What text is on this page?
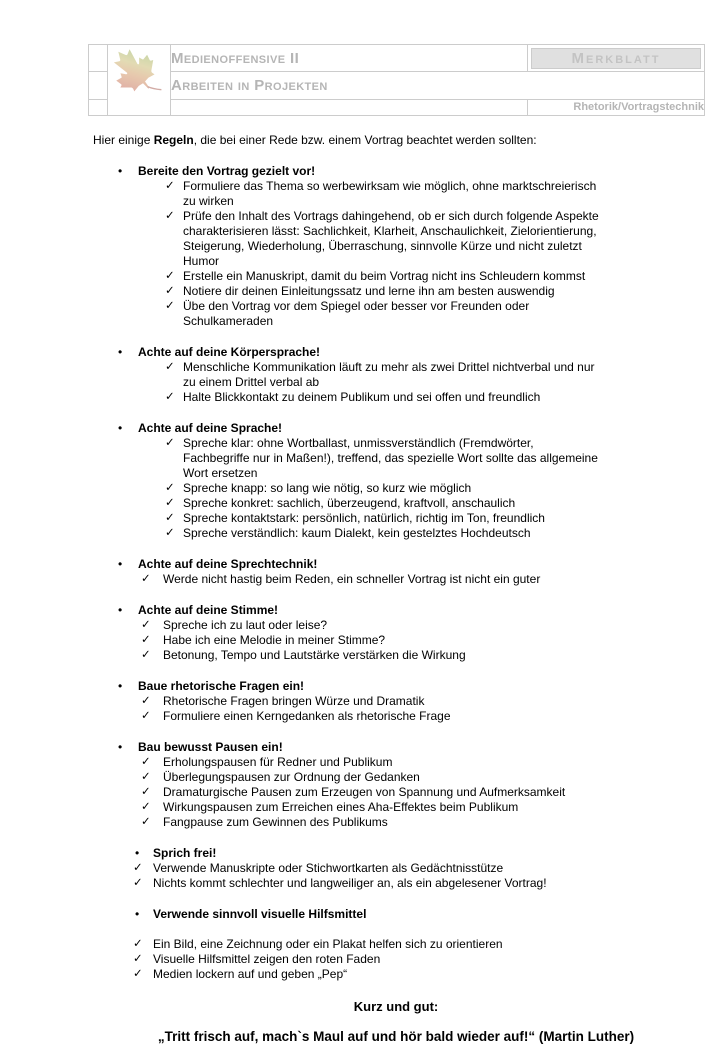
	Medienoffensive II	Merkblatt

		Arbeiten in Projekten	
			Rhetorik/Vortragstechnik

Hier einige Regeln, die bei einer Rede bzw. einem Vortrag beachtet werden sollten:

•	Bereite den Vortrag gezielt vor!
✓ Formuliere das Thema so werbewirksam wie möglich, ohne marktschreierisch zu wirken
✓ Prüfe den Inhalt des Vortrags dahingehend, ob er sich durch folgende Aspekte charakterisieren lässt: Sachlichkeit, Klarheit, Anschaulichkeit, Zielorientierung, Steigerung, Wiederholung, Überraschung, sinnvolle Kürze und nicht zuletzt Humor
✓ Erstelle ein Manuskript, damit du beim Vortrag nicht ins Schleudern kommst
✓ Notiere dir deinen Einleitungssatz und lerne ihn am besten auswendig
✓ Übe den Vortrag vor dem Spiegel oder besser vor Freunden oder Schulkameraden
•	Achte auf deine Körpersprache!
✓ Menschliche Kommunikation läuft zu mehr als zwei Drittel nichtverbal und nur zu einem Drittel verbal ab
✓ Halte Blickkontakt zu deinem Publikum und sei offen und freundlich
•	Achte auf deine Sprache!
✓ Spreche klar: ohne Wortballast, unmissverständlich (Fremdwörter, Fachbegriffe nur in Maßen!), treffend, das spezielle Wort sollte das allgemeine Wort ersetzen
✓ Spreche knapp: so lang wie nötig, so kurz wie möglich
✓ Spreche konkret: sachlich, überzeugend, kraftvoll, anschaulich
✓ Spreche kontaktstark: persönlich, natürlich, richtig im Ton, freundlich
✓ Spreche verständlich: kaum Dialekt, kein gestelztes Hochdeutsch
•	Achte auf deine Sprechtechnik!
✓	Werde nicht hastig beim Reden, ein schneller Vortrag ist nicht ein guter
•	Achte auf deine Stimme!
✓	Spreche ich zu laut oder leise?
✓	Habe ich eine Melodie in meiner Stimme?
✓	Betonung, Tempo und Lautstärke verstärken die Wirkung
•	Baue rhetorische Fragen ein!
✓	Rhetorische Fragen bringen Würze und Dramatik
✓	Formuliere einen Kerngedanken als rhetorische Frage
•	Bau bewusst Pausen ein!
✓	Erholungspausen für Redner und Publikum
✓	Überlegungspausen zur Ordnung der Gedanken
✓	Dramaturgische Pausen zum Erzeugen von Spannung und Aufmerksamkeit
✓	Wirkungspausen zum Erreichen eines Aha-Effektes beim Publikum
✓	Fangpause zum Gewinnen des Publikums
•	Sprich frei!
✓ Verwende Manuskripte oder Stichwortkarten als Gedächtnisstütze
✓ Nichts kommt schlechter und langweiliger an, als ein abgelesener Vortrag!
•	Verwende sinnvoll visuelle Hilfsmittel
✓ Ein Bild, eine Zeichnung oder ein Plakat helfen sich zu orientieren
✓ Visuelle Hilfsmittel zeigen den roten Faden
✓ Medien lockern auf und geben „Pep“

Kurz und gut:

„Tritt frisch auf, mach`s Maul auf und hör bald wieder auf!“ (Martin Luther)
